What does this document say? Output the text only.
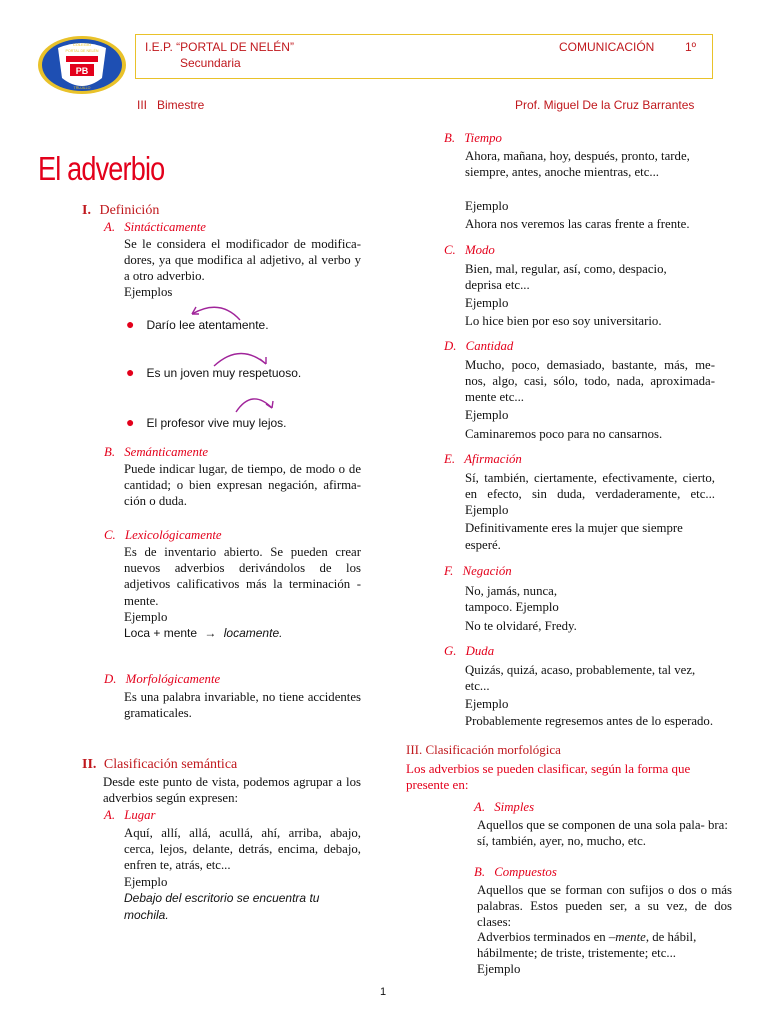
PB
COLEGIO
PORTAL DE NELÉN
TRUJILLO
I.E.P. “PORTAL DE NELÉN”
Secundaria
COMUNICACIÓN	1º
III   Bimestre	Prof. Miguel De la Cruz Barrantes
El adverbio
I. Definición
A. Sintácticamente
Se le considera el modificador de modifica- dores, ya que modifica al adjetivo, al verbo y a otro adverbio.
Ejemplos
● Darío lee atentamente.
● Es un joven muy respetuoso.
● El profesor vive muy lejos.
B. Semánticamente
Puede indicar lugar, de tiempo, de modo o de cantidad; o bien expresan negación, afirma- ción o duda.
C. Lexicológicamente
Es de inventario abierto. Se pueden crear nuevos adverbios derivándolos de los adjetivos calificativos más la terminación -mente.
Ejemplo
Loca + mente → locamente.
D. Morfológicamente
Es una palabra invariable, no tiene accidentes gramaticales.
II. Clasificación semántica
Desde este punto de vista, podemos agrupar a los adverbios según expresen:
A. Lugar
Aquí, allí, allá, acullá, ahí, arriba, abajo, cerca, lejos, delante, detrás, encima, debajo, enfren te, atrás, etc...
Ejemplo
Debajo del escritorio se encuentra tu mochila.
B. Tiempo
Ahora, mañana, hoy, después, pronto, tarde, siempre, antes, anoche mientras, etc...
Ejemplo
Ahora nos veremos las caras frente a frente.
C. Modo
Bien, mal, regular, así, como, despacio, deprisa etc...
Ejemplo
Lo hice bien por eso soy universitario.
D. Cantidad
Mucho, poco, demasiado, bastante, más, me- nos, algo, casi, sólo, todo, nada, aproximada- mente etc...
Ejemplo
Caminaremos poco para no cansarnos.
E. Afirmación
Sí, también, ciertamente, efectivamente, cierto, en efecto, sin duda, verdaderamente, etc... Ejemplo
Definitivamente eres la mujer que siempre esperé.
F. Negación
No, jamás, nunca, tampoco. Ejemplo
No te olvidaré, Fredy.
G. Duda
Quizás, quizá, acaso, probablemente, tal vez, etc...
Ejemplo
Probablemente regresemos antes de lo esperado.
III. Clasificación morfológica
Los adverbios se pueden clasificar, según la forma que presente en:
A. Simples
Aquellos que se componen de una sola pala- bra: sí, también, ayer, no, mucho, etc.
B. Compuestos
Aquellos que se forman con sufijos o dos o más palabras. Estos pueden ser, a su vez, de dos clases:
Adverbios terminados en –mente, de hábil, hábilmente; de triste, tristemente; etc...
Ejemplo
1
